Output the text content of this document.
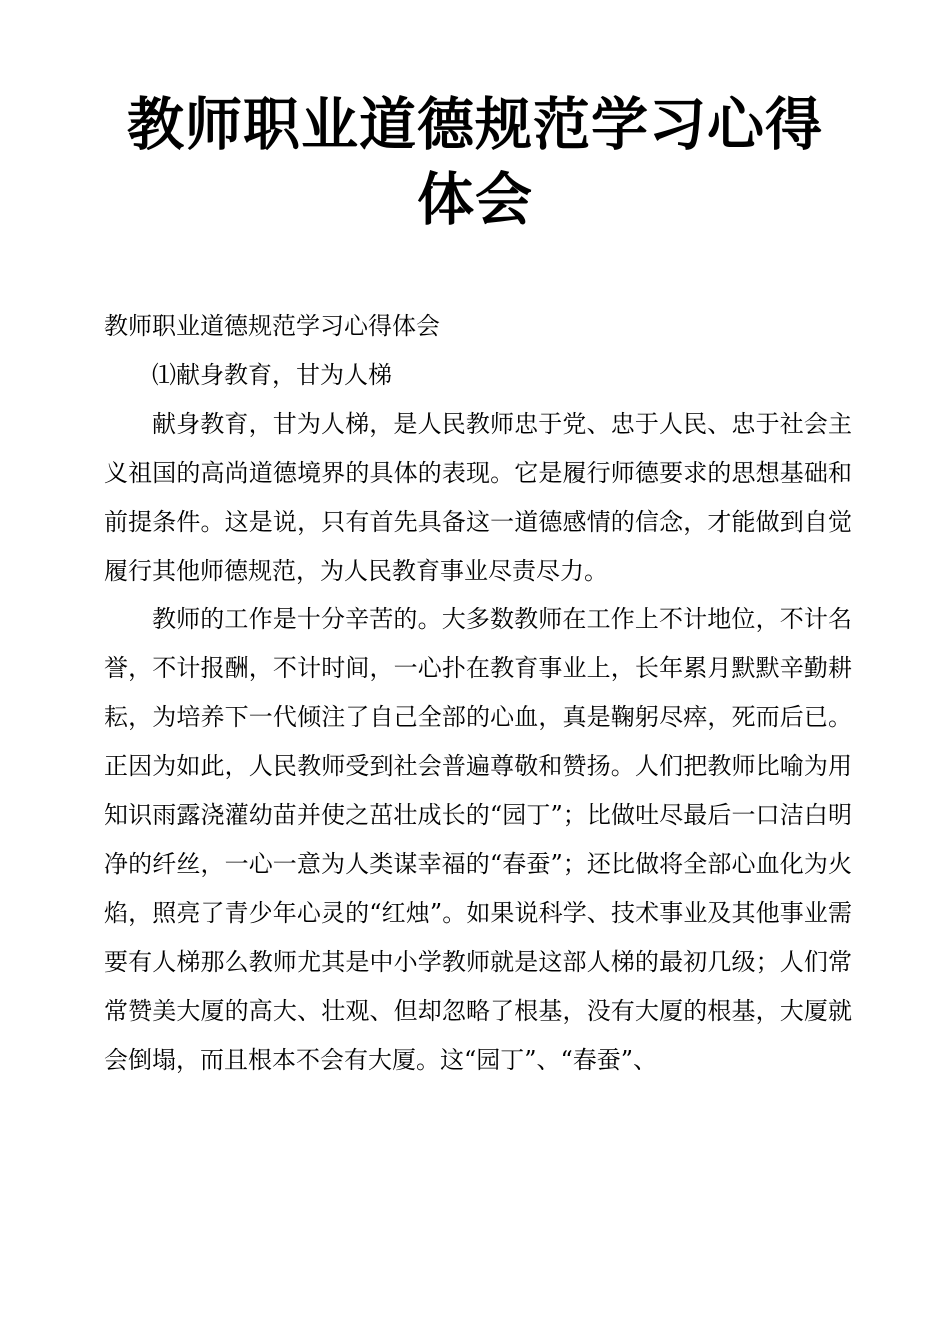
教师职业道德规范学习心得
体会

教师职业道德规范学习心得体会

⑴献身教育，甘为人梯

献身教育，甘为人梯，是人民教师忠于党、忠于人民、忠于社会主义祖国的高尚道德境界的具体的表现。它是履行师德要求的思想基础和前提条件。这是说，只有首先具备这一道德感情的信念，才能做到自觉履行其他师德规范，为人民教育事业尽责尽力。

教师的工作是十分辛苦的。大多数教师在工作上不计地位，不计名誉，不计报酬，不计时间，一心扑在教育事业上，长年累月默默辛勤耕耘，为培养下一代倾注了自己全部的心血，真是鞠躬尽瘁，死而后已。正因为如此，人民教师受到社会普遍尊敬和赞扬。人们把教师比喻为用知识雨露浇灌幼苗并使之茁壮成长的“园丁”；比做吐尽最后一口洁白明净的纤丝，一心一意为人类谋幸福的“春蚕”；还比做将全部心血化为火焰，照亮了青少年心灵的“红烛”。如果说科学、技术事业及其他事业需要有人梯那么教师尤其是中小学教师就是这部人梯的最初几级；人们常常赞美大厦的高大、壮观、但却忽略了根基，没有大厦的根基，大厦就会倒塌，而且根本不会有大厦。这“园丁”、“春蚕”、
